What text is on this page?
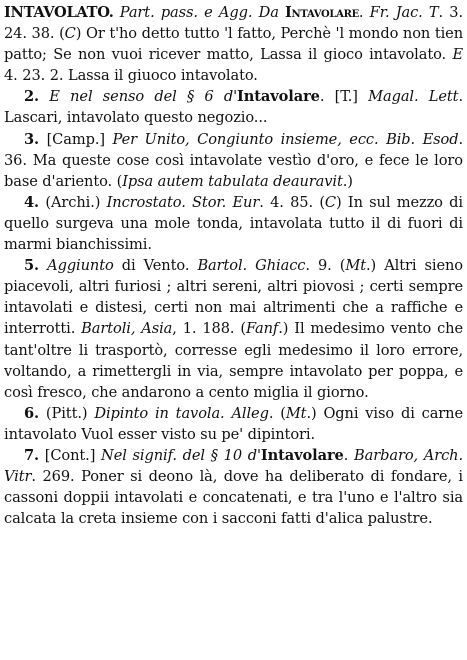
INTAVOLATO. Part. pass. e Agg. Da Intavolare. Fr. Jac. T. 3. 24. 38. (C) Or t'ho detto tutto 'l fatto, Perchè 'l mondo non tien patto; Se non vuoi ricever matto, Lassa il gioco intavolato. E 4. 23. 2. Lassa il giuoco intavolato.

2. E nel senso del § 6 d'Intavolare. [T.] Magal. Lett. Lascari, intavolato questo negozio...

3. [Camp.] Per Unito, Congiunto insieme, ecc. Bib. Esod. 36. Ma queste cose così intavolate vestìo d'oro, e fece le loro base d'ariento. (Ipsa autem tabulata deauravit.)

4. (Archi.) Incrostato. Stor. Eur. 4. 85. (C) In sul mezzo di quello surgeva una mole tonda, intavolata tutto il di fuori di marmi bianchissimi.

5. Aggiunto di Vento. Bartol. Ghiacc. 9. (Mt.) Altri sieno piacevoli, altri furiosi ; altri sereni, altri piovosi ; certi sempre intavolati e distesi, certi non mai altrimenti che a raffiche e interrotti. Bartoli, Asia, 1. 188. (Fanf.) Il medesimo vento che tant'oltre li trasportò, corresse egli medesimo il loro errore, voltando, a rimettergli in via, sempre intavolato per poppa, e così fresco, che andarono a cento miglia il giorno.

6. (Pitt.) Dipinto in tavola. Alleg. (Mt.) Ogni viso di carne intavolato Vuol esser visto su pe' dipintori.

7. [Cont.] Nel signif. del § 10 d'Intavolare. Barbaro, Arch. Vitr. 269. Poner si deono là, dove ha deliberato di fondare, i cassoni doppii intavolati e concatenati, e tra l'uno e l'altro sia calcata la creta insieme con i sacconi fatti d'alica palustre.
